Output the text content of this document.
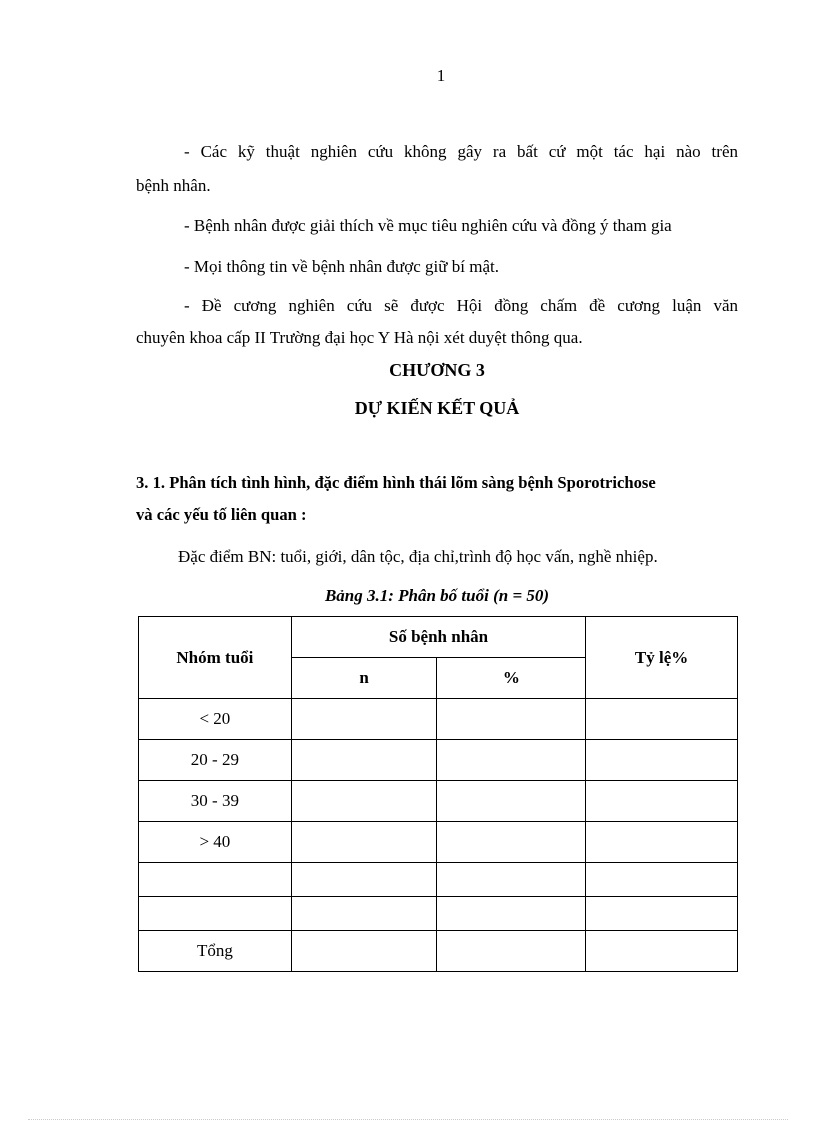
1
- Các kỹ thuật nghiên cứu không gây ra bất cứ một tác hại nào trên
bệnh nhân.
- Bệnh nhân được giải thích về mục tiêu nghiên cứu và đồng ý tham gia
- Mọi thông tin về bệnh nhân được giữ bí mật.
- Đề cương nghiên cứu sẽ được Hội đồng chấm đề cương luận văn
chuyên khoa cấp II Trường đại học Y Hà nội xét duyệt thông qua.
CHƯƠNG 3
DỰ KIẾN KẾT QUẢ
3. 1. Phân tích tình hình, đặc điểm hình thái lõm sàng bệnh Sporotrichose
và các yếu tố liên quan :
Đặc điểm BN: tuổi, giới, dân tộc, địa chỉ,trình độ học vấn, nghề nhiệp.
Bảng 3.1: Phân bố tuổi (n = 50)
Nhóm tuổi	Số bệnh nhân		Tỷ lệ%
	n	%	
< 20			
20 - 29			
30 - 39			
> 40			

Tổng			
